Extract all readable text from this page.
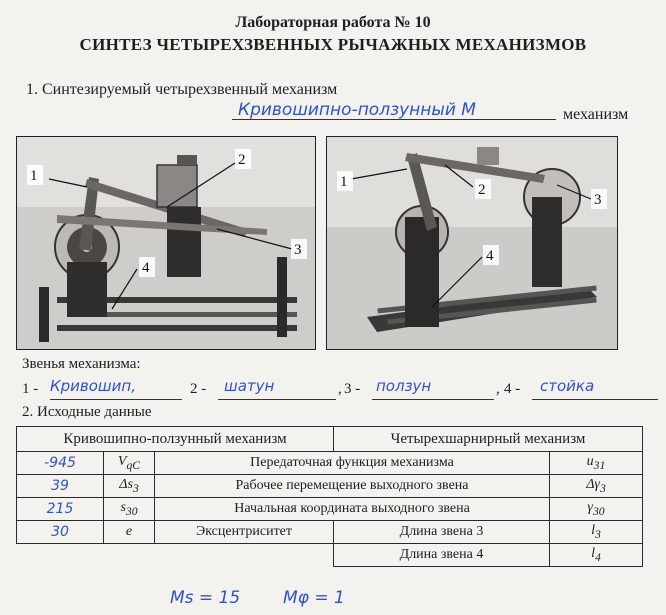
Лабораторная работа № 10
СИНТЕЗ ЧЕТЫРЕХЗВЕННЫХ РЫЧАЖНЫХ МЕХАНИЗМОВ
1. Синтезируемый четырехзвенный механизм
Кривошипно-ползунный М	механизм
1
2
3
4
1	2
3
4
Звенья механизма:
1 - Кривошип,	2 - шатун	, 3 - ползун	, 4 - стойка
2. Исходные данные
Кривошипно-ползунный механизм			Четырехшарнирный механизм	
-945	$V_{qC}$	Передаточная функция механизма		$u_{31}$
39	$\Delta s_3$	Рабочее перемещение выходного звена		$\Delta\gamma_3$
215	$s_{30}$	Начальная координата выходного звена		$\gamma_{30}$
30	e	Эксцентриситет	Длина звена 3	$l_3$
			Длина звена 4	$l_4$
Мs = 15	Мφ = 1
